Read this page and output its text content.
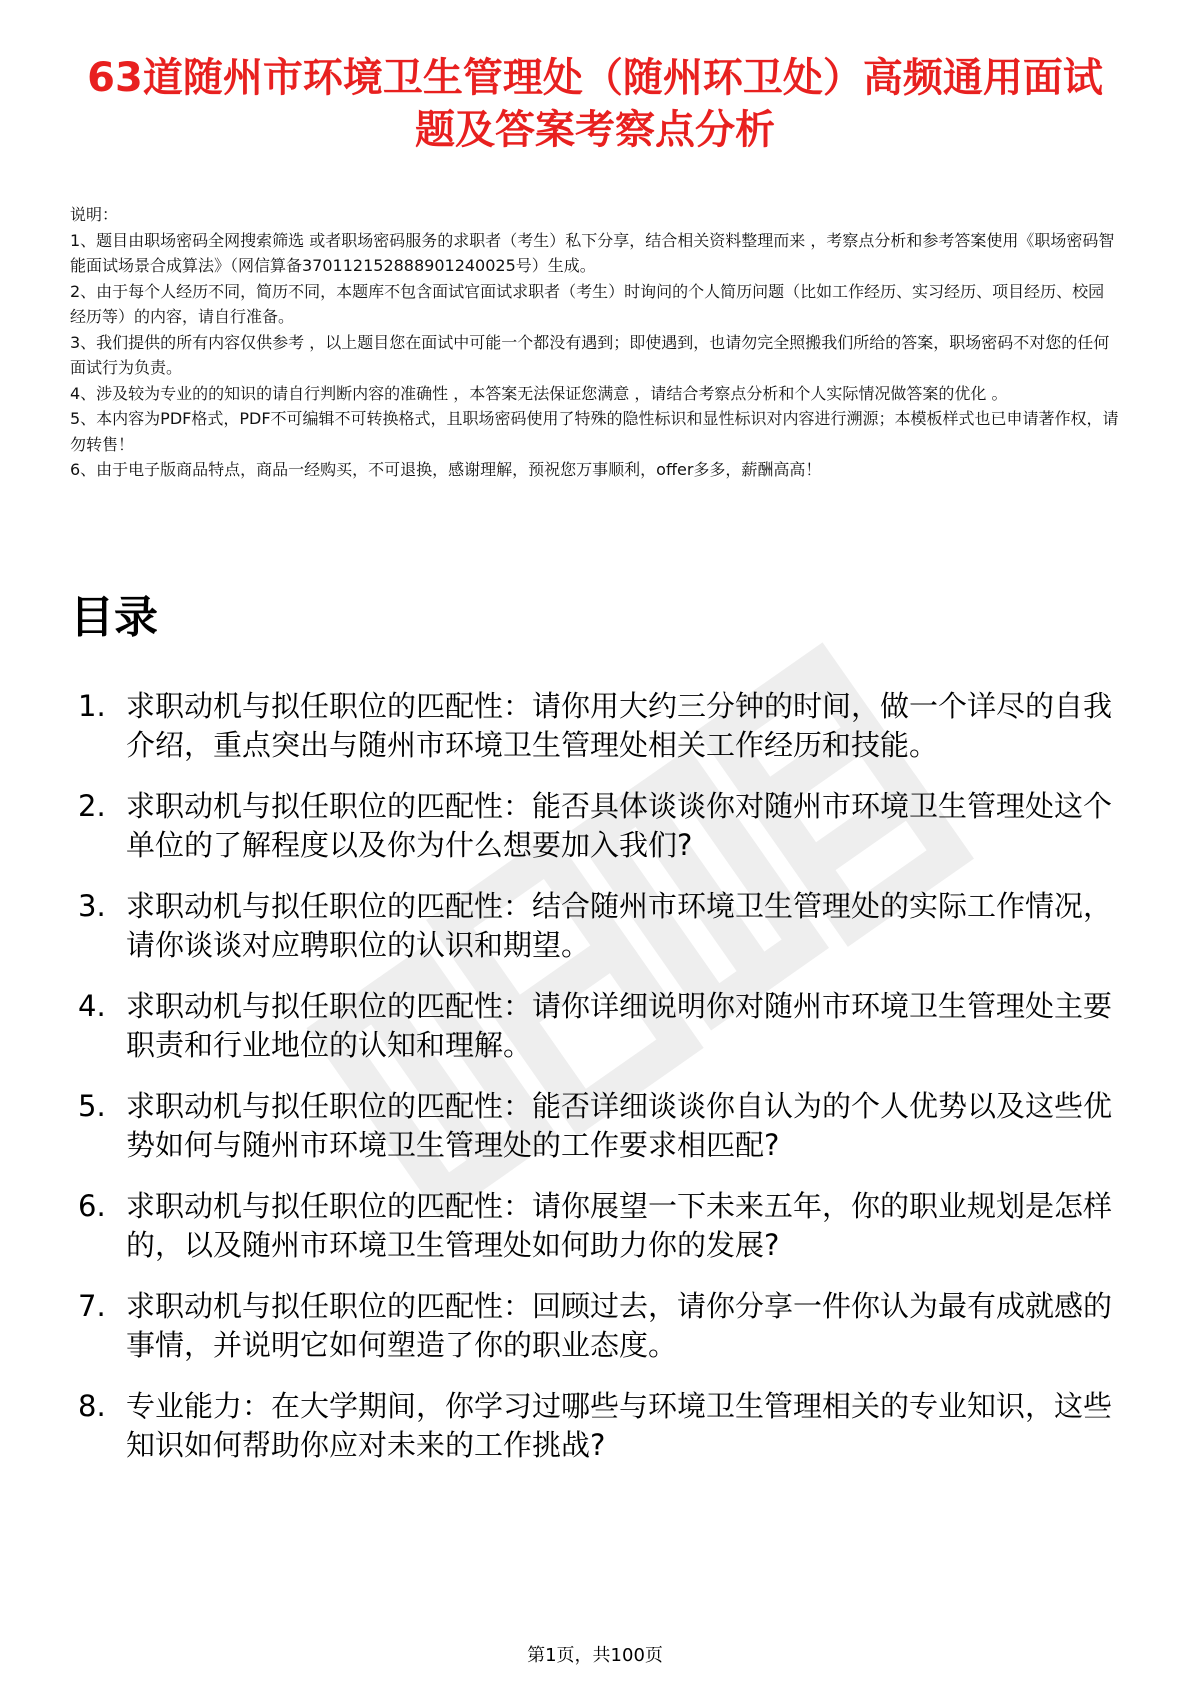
63道随州市环境卫生管理处（随州环卫处）高频通用面试题及答案考察点分析

说明：

1、题目由职场密码全网搜索筛选 或者职场密码服务的求职者（考生）私下分享，结合相关资料整理而来 ，考察点分析和参考答案使用《职场密码智能面试场景合成算法》（网信算备370112152888901240025号）生成。

2、由于每个人经历不同，简历不同，本题库不包含面试官面试求职者（考生）时询问的个人简历问题（比如工作经历、实习经历、项目经历、校园经历等）的内容，请自行准备。

3、我们提供的所有内容仅供参考 ，以上题目您在面试中可能一个都没有遇到；即使遇到，也请勿完全照搬我们所给的答案，职场密码不对您的任何面试行为负责。

4、涉及较为专业的的知识的请自行判断内容的准确性 ，本答案无法保证您满意 ，请结合考察点分析和个人实际情况做答案的优化 。

5、本内容为PDF格式，PDF不可编辑不可转换格式，且职场密码使用了特殊的隐性标识和显性标识对内容进行溯源；本模板样式也已申请著作权，请勿转售！

6、由于电子版商品特点，商品一经购买，不可退换，感谢理解，预祝您万事顺利，offer多多，薪酬高高！

目录
1. 求职动机与拟任职位的匹配性：请你用大约三分钟的时间，做一个详尽的自我介绍，重点突出与随州市环境卫生管理处相关工作经历和技能。
2. 求职动机与拟任职位的匹配性：能否具体谈谈你对随州市环境卫生管理处这个单位的了解程度以及你为什么想要加入我们?
3. 求职动机与拟任职位的匹配性：结合随州市环境卫生管理处的实际工作情况，请你谈谈对应聘职位的认识和期望。
4. 求职动机与拟任职位的匹配性：请你详细说明你对随州市环境卫生管理处主要职责和行业地位的认知和理解。
5. 求职动机与拟任职位的匹配性：能否详细谈谈你自认为的个人优势以及这些优势如何与随州市环境卫生管理处的工作要求相匹配?
6. 求职动机与拟任职位的匹配性：请你展望一下未来五年，你的职业规划是怎样的，以及随州市环境卫生管理处如何助力你的发展?
7. 求职动机与拟任职位的匹配性：回顾过去，请你分享一件你认为最有成就感的事情，并说明它如何塑造了你的职业态度。
8. 专业能力：在大学期间，你学习过哪些与环境卫生管理相关的专业知识，这些知识如何帮助你应对未来的工作挑战?
第1页，共100页
